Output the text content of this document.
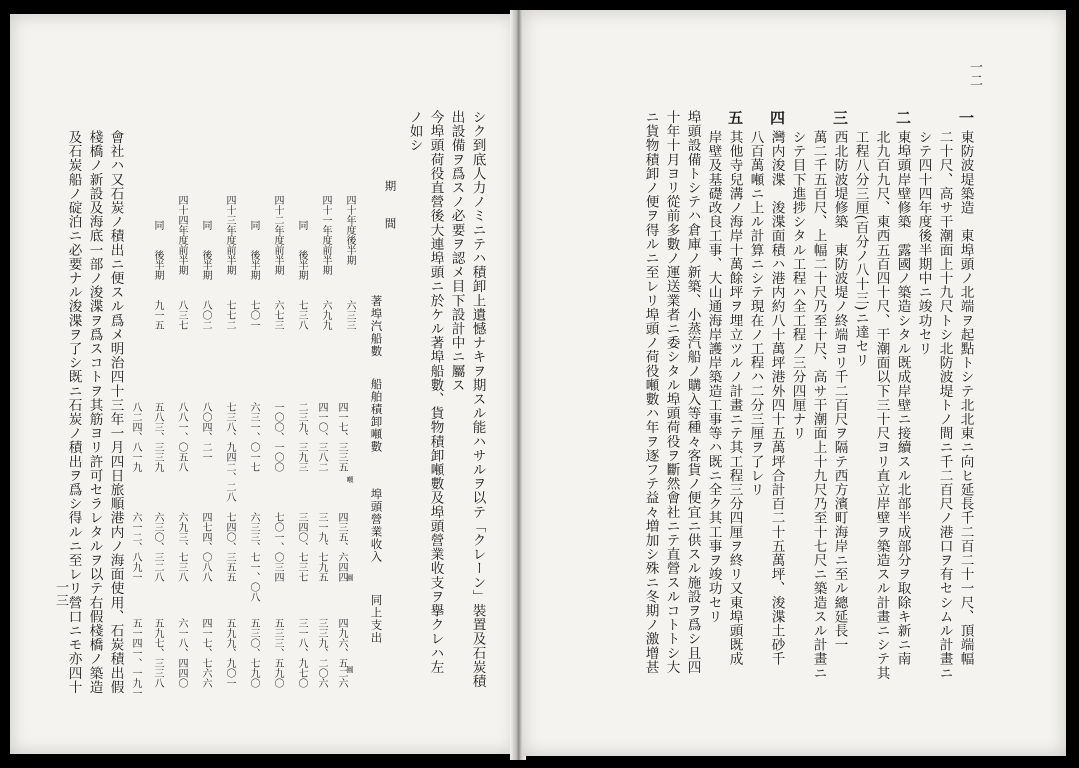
一二
一
東防波堤築造　東埠頭ノ北端ヲ起點トシテ北北東ニ向ヒ延長千二百二十一尺、頂端幅
二十尺、高サ干潮面上十九尺トシ北防波堤トノ間ニ千二百尺ノ港口ヲ有セシムル計畫ニ
シテ四十四年度後半期中ニ竣功セリ
二
東埠頭岸壁修築　露國ノ築造シタル既成岸壁ニ接續スル北部半成部分ヲ取除キ新ニ南
北九百九尺、東西五百四十尺、干潮面以下三十尺ヨリ直立岸壁ヲ築造スル計畫ニシテ其
工程八分三厘(百分ノ八十三)ニ達セリ
三
西北防波堤修築　東防波堤ノ終端ヨリ千二百尺ヲ隔テ西方濱町海岸ニ至ル總延長一
萬二千五百尺、上幅二十尺乃至十尺、高サ干潮面上十九尺乃至十七尺ニ築造スル計畫ニ
シテ目下進捗シタル工程ハ全工程ノ三分四厘ナリ
四
灣内浚渫　浚渫面積ハ港内約八十萬坪港外四十五萬坪合計百二十五萬坪、浚渫土砂千
八百萬噸ニ上ル計算ニシテ現在ノ工程ハ二分三厘ヲ了レリ
五
其他寺兒溝ノ海岸十萬餘坪ヲ埋立ツルノ計畫ニテ其工程三分四厘ヲ終リ又東埠頭既成
岸壁及基礎改良工事、大山通海岸護岸築造工事等ハ既ニ全ク其工事ヲ竣功セリ
埠頭設備トシテハ倉庫ノ新築、小蒸汽船ノ購入等種々客貨ノ便宜ニ供スル施設ヲ爲シ且四
十年十月ヨリ從前多數ノ運送業者ニ委シタル埠頭荷役ヲ斷然會社ニテ直營スルコトトシ大
ニ貨物積卸ノ便ヲ得ルニ至レリ埠頭ノ荷役噸數ハ年ヲ逐フテ益々増加シ殊ニ冬期ノ激增甚
シク到底人力ノミニテハ積卸上遺憾ナキヲ期スル能ハサルヲ以テ「クレーン」裝置及石炭積
出設備ヲ爲スノ必要ヲ認メ目下設計中ニ屬ス
今埠頭荷役直營後大連埠頭ニ於ケル著埠船數、貨物積卸噸數及埠頭營業收支ヲ擧クレハ左
ノ如シ
期　　間
著埠汽船數
船舶積卸噸數
噸
埠頭營業收入
圓
同上支出
圓
四十年度後半期
六三三
四一七、三三五
四三五、六四四
四九六、五二六
四十一年度前半期
六九九
四一〇、三八二
三一九、七九五
三三九、二〇六
同　　後半期
七三八
二三九、三九三
三四〇、七三七
三一八、九七〇
四十二年度前半期
六七三
一〇〇、一〇〇
七〇一、〇三四
五三三、五九〇
同　　後半期
七〇一
六三一、〇一七
六三三、七一、〇八
五三〇、七九〇
四十三年度前半期
七七二
七三八、九四二、二八
七四〇、三五五
五九九、九〇一
同　　後半期
八〇二
八〇四、二一
四七四、〇八八
四一七、七六六
四十四年度前半期
八三七
八八一、〇五八
六九三、七三八
六一八、四四〇
同　　後半期
九一五
五八三、三三九
六三〇、三二八
五九七、三三八
八二四、八一九
六一二、八九一
五一四一、一九一
會社ハ又石炭ノ積出ニ便スル爲メ明治四十三年一月四日旅順港内ノ海面使用、石炭積出假
棧橋ノ新設及海底一部ノ浚渫ヲ爲スコトヲ其筋ヨリ許可セラレタルヲ以テ右假棧橋ノ築造
及石炭船ノ碇泊ニ必要ナル浚渫ヲ了シ既ニ石炭ノ積出ヲ爲シ得ルニ至レリ營口ニモ亦四十
一三
